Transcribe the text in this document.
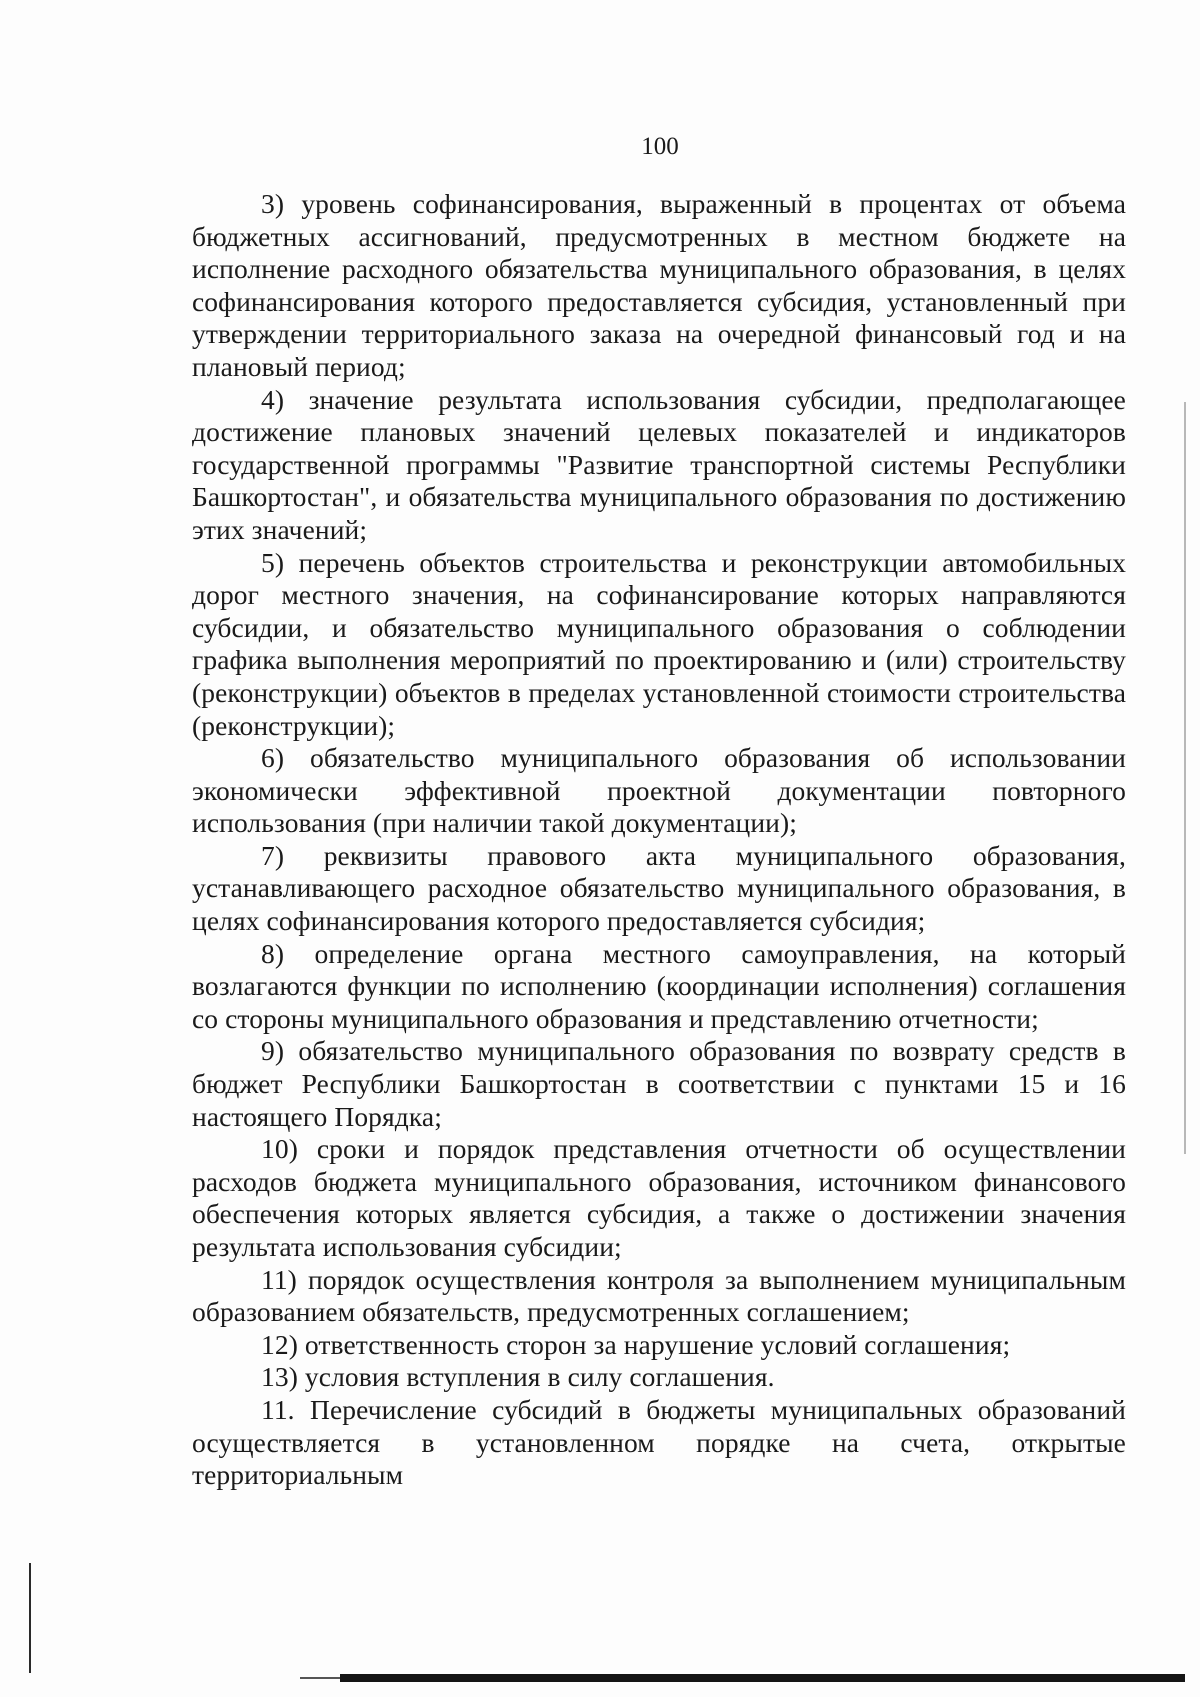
100

3) уровень софинансирования, выраженный в процентах от объема бюджетных ассигнований, предусмотренных в местном бюджете на исполнение расходного обязательства муниципального образования, в целях софинансирования которого предоставляется субсидия, установленный при утверждении территориального заказа на очередной финансовый год и на плановый период;

4) значение результата использования субсидии, предполагающее достижение плановых значений целевых показателей и индикаторов государственной программы "Развитие транспортной системы Республики Башкортостан", и обязательства муниципального образования по достижению этих значений;

5) перечень объектов строительства и реконструкции автомобильных дорог местного значения, на софинансирование которых направляются субсидии, и обязательство муниципального образования о соблюдении графика выполнения мероприятий по проектированию и (или) строительству (реконструкции) объектов в пределах установленной стоимости строительства (реконструкции);

6) обязательство муниципального образования об использовании экономически эффективной проектной документации повторного использования (при наличии такой документации);

7) реквизиты правового акта муниципального образования, устанавливающего расходное обязательство муниципального образования, в целях софинансирования которого предоставляется субсидия;

8) определение органа местного самоуправления, на который возлагаются функции по исполнению (координации исполнения) соглашения со стороны муниципального образования и представлению отчетности;

9) обязательство муниципального образования по возврату средств в бюджет Республики Башкортостан в соответствии с пунктами 15 и 16 настоящего Порядка;

10) сроки и порядок представления отчетности об осуществлении расходов бюджета муниципального образования, источником финансового обеспечения которых является субсидия, а также о достижении значения результата использования субсидии;

11) порядок осуществления контроля за выполнением муниципальным образованием обязательств, предусмотренных соглашением;

12) ответственность сторон за нарушение условий соглашения;

13) условия вступления в силу соглашения.

11. Перечисление субсидий в бюджеты муниципальных образований осуществляется в установленном порядке на счета, открытые территориальным
